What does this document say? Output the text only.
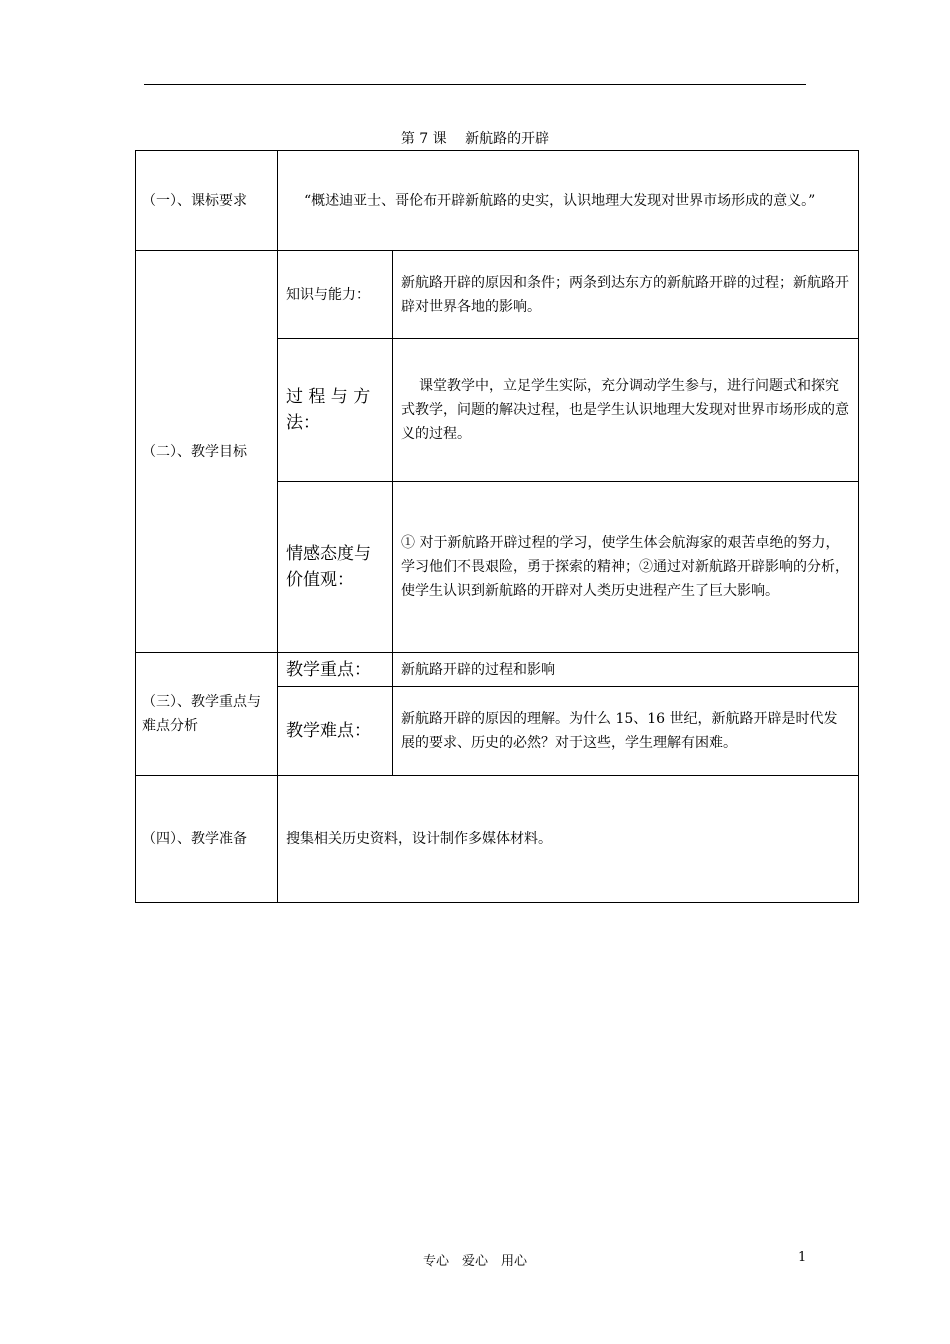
第 7 课　 新航路的开辟
（一）、课标要求	“概述迪亚士、哥伦布开辟新航路的史实，认识地理大发现对世界市场形成的意义。”	
（二）、教学目标	知识与能力：	新航路开辟的原因和条件；两条到达东方的新航路开辟的过程；新航路开辟对世界各地的影响。
	过 程 与 方 法：	课堂教学中，立足学生实际，充分调动学生参与，进行问题式和探究式教学，问题的解决过程，也是学生认识地理大发现对世界市场形成的意义的过程。
	情感态度与价值观：	① 对于新航路开辟过程的学习，使学生体会航海家的艰苦卓绝的努力，学习他们不畏艰险，勇于探索的精神；②通过对新航路开辟影响的分析，使学生认识到新航路的开辟对人类历史进程产生了巨大影响。
（三）、教学重点与难点分析	教学重点：	新航路开辟的过程和影响
	教学难点：	新航路开辟的原因的理解。为什么 15、16 世纪，新航路开辟是时代发展的要求、历史的必然？对于这些，学生理解有困难。
（四）、教学准备	搜集相关历史资料，设计制作多媒体材料。	
专心　爱心　用心	1
